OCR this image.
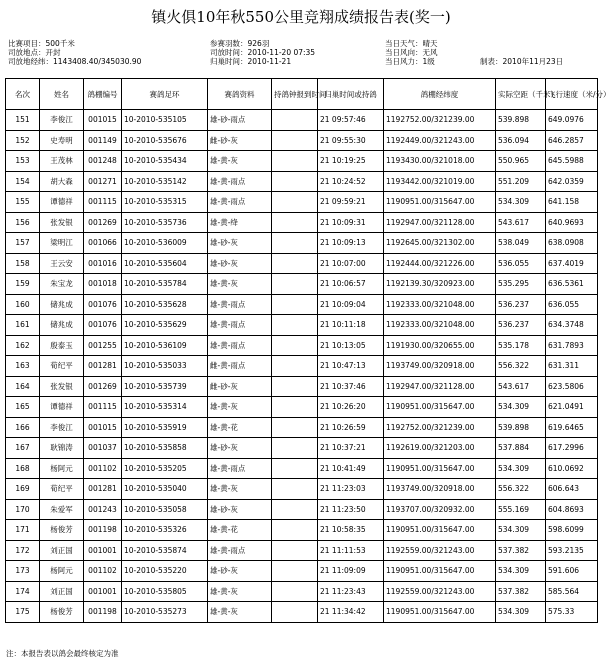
镇火俱10年秋550公里竞翔成绩报告表(奖一)
比赛项目：500千米
司放地点：开封
司放地经纬：1143408.40/345030.90
参赛羽数：926羽
司放时间：2010-11-20 07:35
归巢时间：2010-11-21
当日天气：晴天
当日风向：无风
当日风力：1级	制表：2010年11月23日
名次	姓名	鸽棚编号	赛鸽足环	赛鸽资料	持鸽钟报到时间	归巢时间或持鸽	鸽棚经纬度	实际空距（千米）	飞行速度（米/分）
151	李俊江	001015	10-2010-535105	雄-砂-雨点		21 09:57:46	1192752.00/321239.00	539.898	649.0976
152	史寿明	001149	10-2010-535676	雌-砂-灰		21 09:55:30	1192449.00/321243.00	536.094	646.2857
153	王茂林	001248	10-2010-535434	雄-黄-灰		21 10:19:25	1193430.00/321018.00	550.965	645.5988
154	胡大森	001271	10-2010-535142	雄-黄-雨点		21 10:24:52	1193442.00/321019.00	551.209	642.0359
155	谭德祥	001115	10-2010-535315	雄-黄-雨点		21 09:59:21	1190951.00/315647.00	534.309	641.158
156	张发银	001269	10-2010-535736	雄-黄-绛		21 10:09:31	1192947.00/321128.00	543.617	640.9693
157	梁明江	001066	10-2010-536009	雄-砂-灰		21 10:09:13	1192645.00/321302.00	538.049	638.0908
158	王云安	001016	10-2010-535604	雄-砂-灰		21 10:07:00	1192444.00/321226.00	536.055	637.4019
159	朱宝龙	001018	10-2010-535784	雄-黄-灰		21 10:06:57	1192139.30/320923.00	535.295	636.5361
160	储兆成	001076	10-2010-535628	雄-黄-雨点		21 10:09:04	1192333.00/321048.00	536.237	636.055
161	储兆成	001076	10-2010-535629	雄-黄-雨点		21 10:11:18	1192333.00/321048.00	536.237	634.3748
162	殷泰玉	001255	10-2010-536109	雄-黄-雨点		21 10:13:05	1191930.00/320655.00	535.178	631.7893
163	荀纪平	001281	10-2010-535033	雌-黄-雨点		21 10:47:13	1193749.00/320918.00	556.322	631.311
164	张发银	001269	10-2010-535739	雌-砂-灰		21 10:37:46	1192947.00/321128.00	543.617	623.5806
165	谭德祥	001115	10-2010-535314	雄-黄-灰		21 10:26:20	1190951.00/315647.00	534.309	621.0491
166	李俊江	001015	10-2010-535919	雄-黄-花		21 10:26:59	1192752.00/321239.00	539.898	619.6465
167	耿锦涛	001037	10-2010-535858	雄-砂-灰		21 10:37:21	1192619.00/321203.00	537.884	617.2996
168	杨阿元	001102	10-2010-535205	雄-黄-雨点		21 10:41:49	1190951.00/315647.00	534.309	610.0692
169	荀纪平	001281	10-2010-535040	雄-黄-灰		21 11:23:03	1193749.00/320918.00	556.322	606.643
170	朱爱军	001243	10-2010-535058	雄-砂-灰		21 11:23:50	1193707.00/320932.00	555.169	604.8693
171	杨俊芳	001198	10-2010-535326	雄-黄-花		21 10:58:35	1190951.00/315647.00	534.309	598.6099
172	刘正国	001001	10-2010-535874	雄-黄-雨点		21 11:11:53	1192559.00/321243.00	537.382	593.2135
173	杨阿元	001102	10-2010-535220	雄-砂-灰		21 11:09:09	1190951.00/315647.00	534.309	591.606
174	刘正国	001001	10-2010-535805	雄-黄-灰		21 11:23:43	1192559.00/321243.00	537.382	585.564
175	杨俊芳	001198	10-2010-535273	雄-黄-灰		21 11:34:42	1190951.00/315647.00	534.309	575.33
注：本报告表以鸽会最终核定为准
